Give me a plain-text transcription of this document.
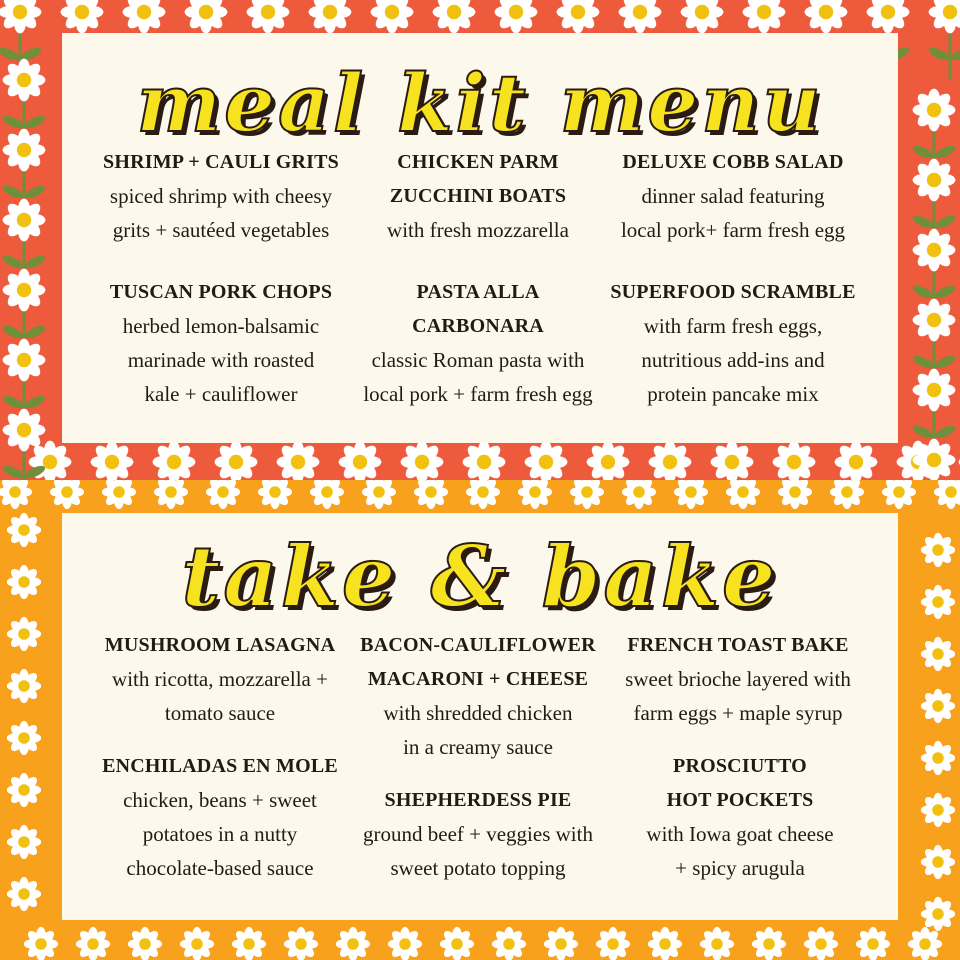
meal kit menu
SHRIMP + CAULI GRITS
spiced shrimp with cheesy
grits + sautéed vegetables
CHICKEN PARM
ZUCCHINI BOATS
with fresh mozzarella
DELUXE COBB SALAD
dinner salad featuring
local pork+ farm fresh egg
TUSCAN PORK CHOPS
herbed lemon-balsamic
marinade with roasted
kale + cauliflower
PASTA ALLA
CARBONARA
classic Roman pasta with
local pork + farm fresh egg
SUPERFOOD SCRAMBLE
with farm fresh eggs,
nutritious add-ins and
protein pancake mix
take & bake
MUSHROOM LASAGNA
with ricotta, mozzarella +
tomato sauce
BACON-CAULIFLOWER
MACARONI + CHEESE
with shredded chicken
in a creamy sauce
FRENCH TOAST BAKE
sweet brioche layered with
farm eggs + maple syrup
ENCHILADAS EN MOLE
chicken, beans + sweet
potatoes in a nutty
chocolate-based sauce
SHEPHERDESS PIE
ground beef + veggies with
sweet potato topping
PROSCIUTTO
HOT POCKETS
with Iowa goat cheese
+ spicy arugula
